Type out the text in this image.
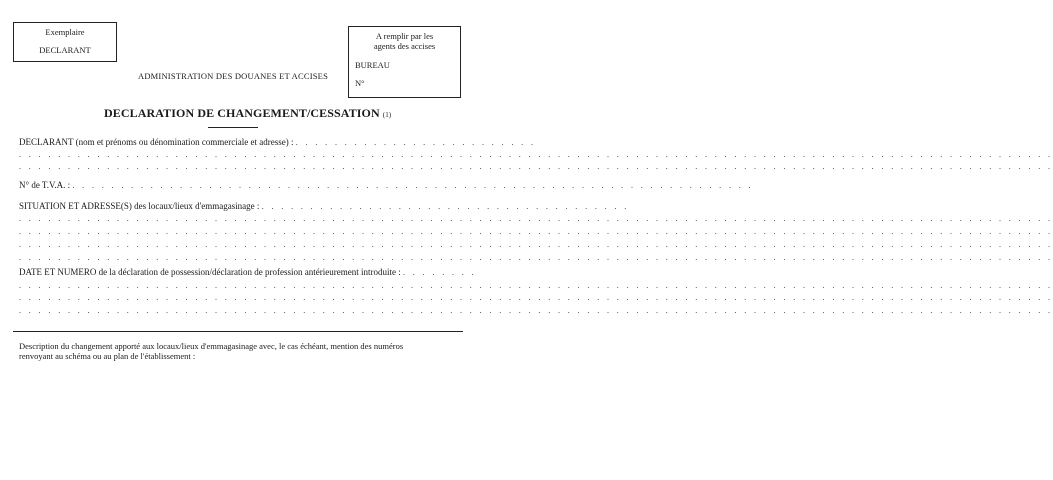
Exemplaire
DECLARANT
A remplir par les
agents des accises
BUREAU
N°
ADMINISTRATION DES DOUANES ET ACCISES
DECLARATION DE CHANGEMENT/CESSATION (1)
DECLARANT (nom et prénoms ou dénomination commerciale et adresse) : . . . . . . . . . . . . . . . . . . . . . . . . .
. . . . . . . . . . . . . . . . . . . . . . . . . . . . . . . . . . . . . . . . . . . . . . . . . . . . . . . . . . . . . . . . . . . . . . . . . . . . . . . . . . . . . . . . . . . . . . . . . . . . . . . . . .
. . . . . . . . . . . . . . . . . . . . . . . . . . . . . . . . . . . . . . . . . . . . . . . . . . . . . . . . . . . . . . . . . . . . . . . . . . . . . . . . . . . . . . . . . . . . . . . . . . . . . . . . . .
N° de T.V.A. : . . . . . . . . . . . . . . . . . . . . . . . . . . . . . . . . . . . . . . . . . . . . . . . . . . . . . . . . . . . . . . . . . . . . . .
SITUATION ET ADRESSE(S) des locaux/lieux d'emmagasinage : . . . . . . . . . . . . . . . . . . . . . . . . . . . . . . . . . . . . . .
. . . . . . . . . . . . . . . . . . . . . . . . . . . . . . . . . . . . . . . . . . . . . . . . . . . . . . . . . . . . . . . . . . . . . . . . . . . . . . . . . . . . . . . . . . . . . . . . . . . . . . . . . .
. . . . . . . . . . . . . . . . . . . . . . . . . . . . . . . . . . . . . . . . . . . . . . . . . . . . . . . . . . . . . . . . . . . . . . . . . . . . . . . . . . . . . . . . . . . . . . . . . . . . . . . . . .
. . . . . . . . . . . . . . . . . . . . . . . . . . . . . . . . . . . . . . . . . . . . . . . . . . . . . . . . . . . . . . . . . . . . . . . . . . . . . . . . . . . . . . . . . . . . . . . . . . . . . . . . . .
. . . . . . . . . . . . . . . . . . . . . . . . . . . . . . . . . . . . . . . . . . . . . . . . . . . . . . . . . . . . . . . . . . . . . . . . . . . . . . . . . . . . . . . . . . . . . . . . . . . . . . . . . .
DATE ET NUMERO de la déclaration de possession/déclaration de profession antérieurement introduite : . . . . . . . .
. . . . . . . . . . . . . . . . . . . . . . . . . . . . . . . . . . . . . . . . . . . . . . . . . . . . . . . . . . . . . . . . . . . . . . . . . . . . . . . . . . . . . . . . . . . . . . . . . . . . . . . . . .
. . . . . . . . . . . . . . . . . . . . . . . . . . . . . . . . . . . . . . . . . . . . . . . . . . . . . . . . . . . . . . . . . . . . . . . . . . . . . . . . . . . . . . . . . . . . . . . . . . . . . . . . . .
. . . . . . . . . . . . . . . . . . . . . . . . . . . . . . . . . . . . . . . . . . . . . . . . . . . . . . . . . . . . . . . . . . . . . . . . . . . . . . . . . . . . . . . . . . . . . . . . . . . . . . . . . .
Description du changement apporté aux locaux/lieux d'emmagasinage avec, le cas échéant, mention des numéros
renvoyant au schéma ou au plan de l'établissement :
